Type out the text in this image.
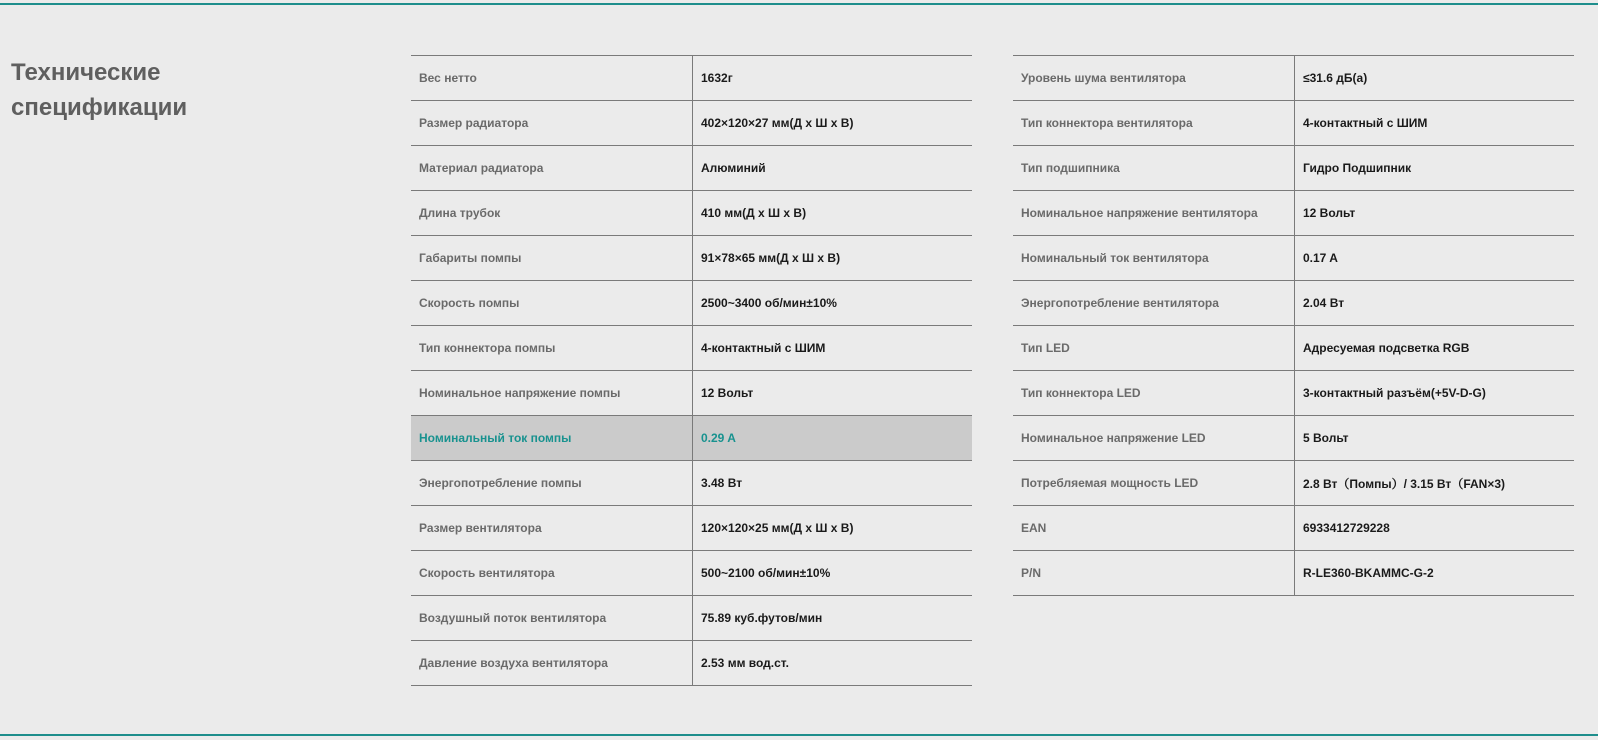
Технические
спецификации
Вес нетто	1632г
Размер радиатора	402×120×27 мм(Д x Ш x В)
Материал радиатора	Алюминий
Длина трубок	410 мм(Д x Ш x В)
Габариты помпы	91×78×65 мм(Д x Ш x В)
Скорость помпы	2500~3400 об/мин±10%
Тип коннектора помпы	4-контактный с ШИМ
Номинальное напряжение помпы	12 Вольт
Номинальный ток помпы	0.29 A
Энергопотребление помпы	3.48 Вт
Размер вентилятора	120×120×25 мм(Д x Ш x В)
Скорость вентилятора	500~2100 об/мин±10%
Воздушный поток вентилятора	75.89 куб.футов/мин
Давление воздуха вентилятора	2.53 мм вод.ст.
Уровень шума вентилятора	≤31.6 дБ(а)
Тип коннектора вентилятора	4-контактный с ШИМ
Тип подшипника	Гидро Подшипник
Номинальное напряжение вентилятора	12 Вольт
Номинальный ток вентилятора	0.17 A
Энергопотребление вентилятора	2.04 Вт
Тип LED	Адресуемая подсветка RGB
Тип коннектора LED	3-контактный разъём(+5V-D-G)
Номинальное напряжение LED	5 Вольт
Потребляемая мощность LED	2.8 Вт（Помпы）/ 3.15 Вт（FAN×3)
EAN	6933412729228
P/N	R-LE360-BKAMMC-G-2
